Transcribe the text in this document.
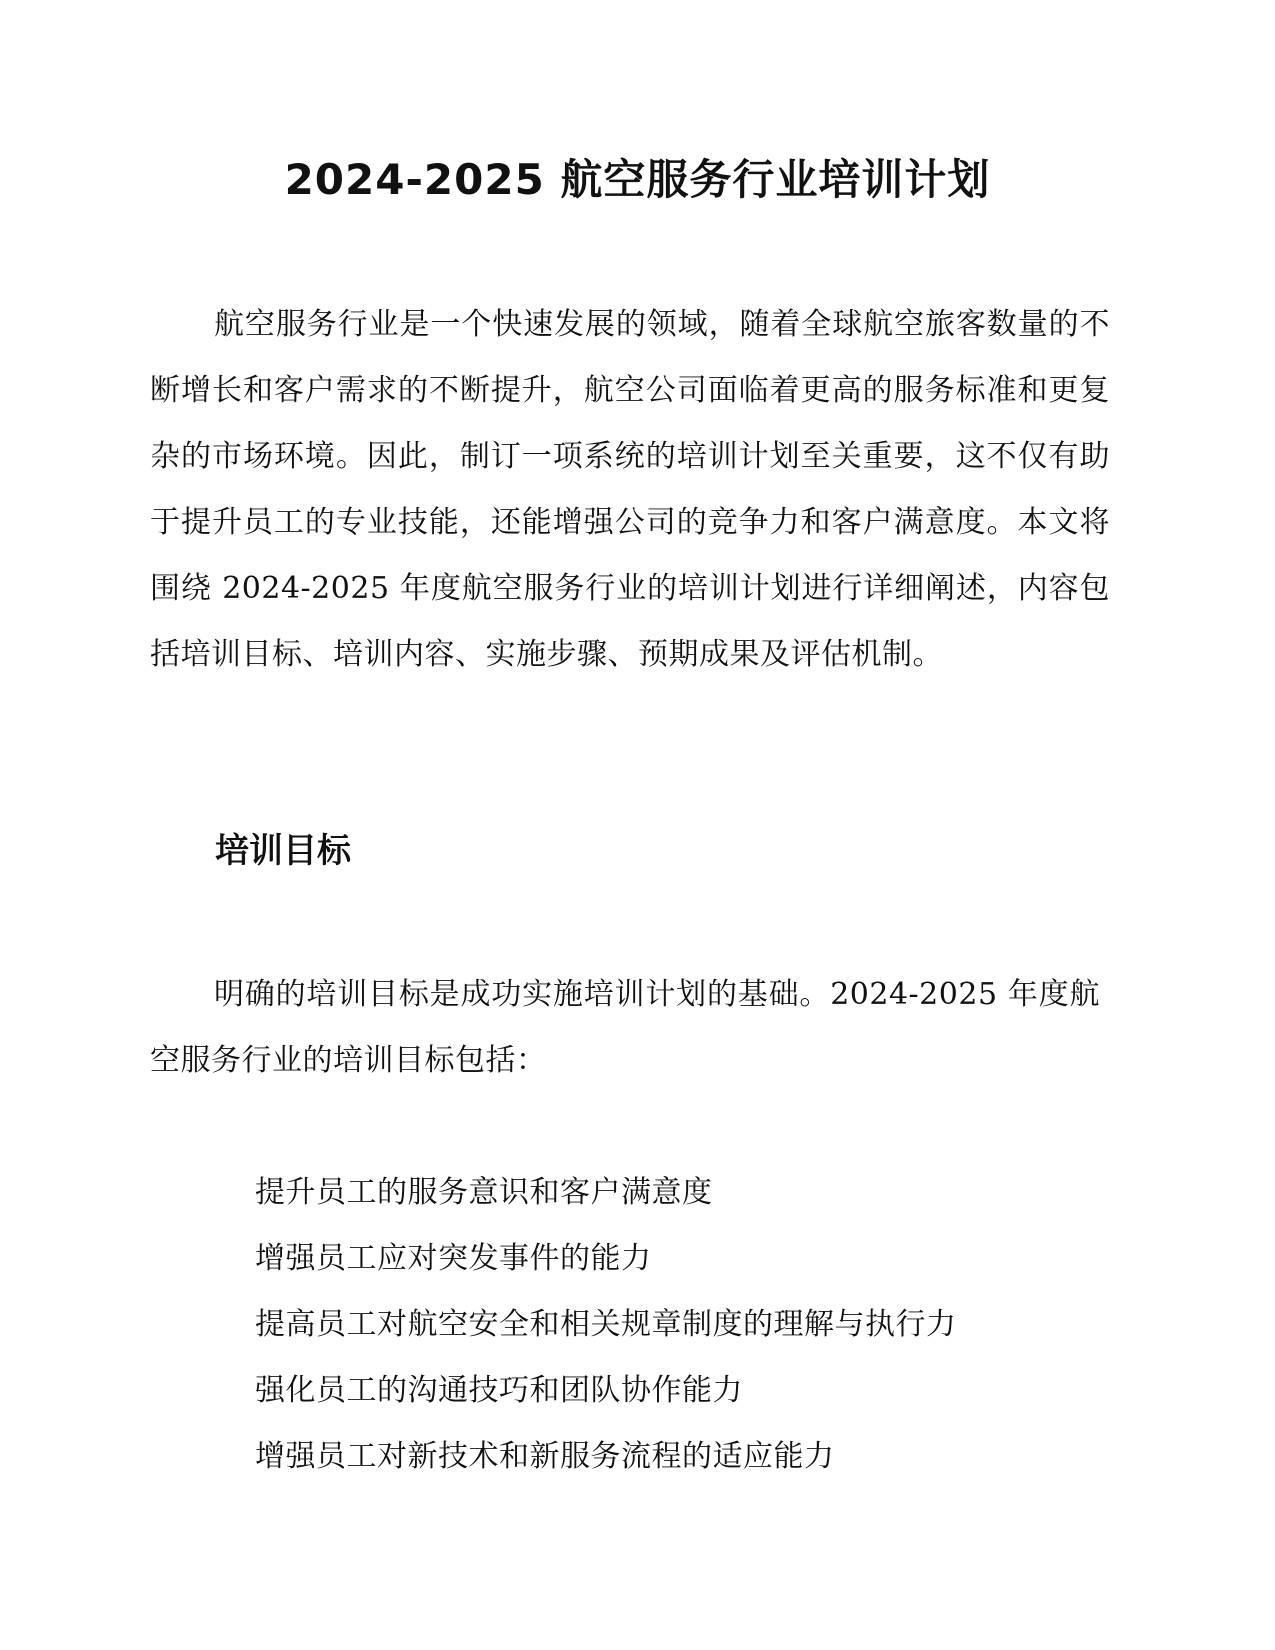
2024-2025 航空服务行业培训计划

航空服务行业是一个快速发展的领域，随着全球航空旅客数量的不断增长和客户需求的不断提升，航空公司面临着更高的服务标准和更复杂的市场环境。因此，制订一项系统的培训计划至关重要，这不仅有助于提升员工的专业技能，还能增强公司的竞争力和客户满意度。本文将围绕 2024-2025 年度航空服务行业的培训计划进行详细阐述，内容包括培训目标、培训内容、实施步骤、预期成果及评估机制。

培训目标

明确的培训目标是成功实施培训计划的基础。2024-2025 年度航空服务行业的培训目标包括：

提升员工的服务意识和客户满意度
增强员工应对突发事件的能力
提高员工对航空安全和相关规章制度的理解与执行力
强化员工的沟通技巧和团队协作能力
增强员工对新技术和新服务流程的适应能力
